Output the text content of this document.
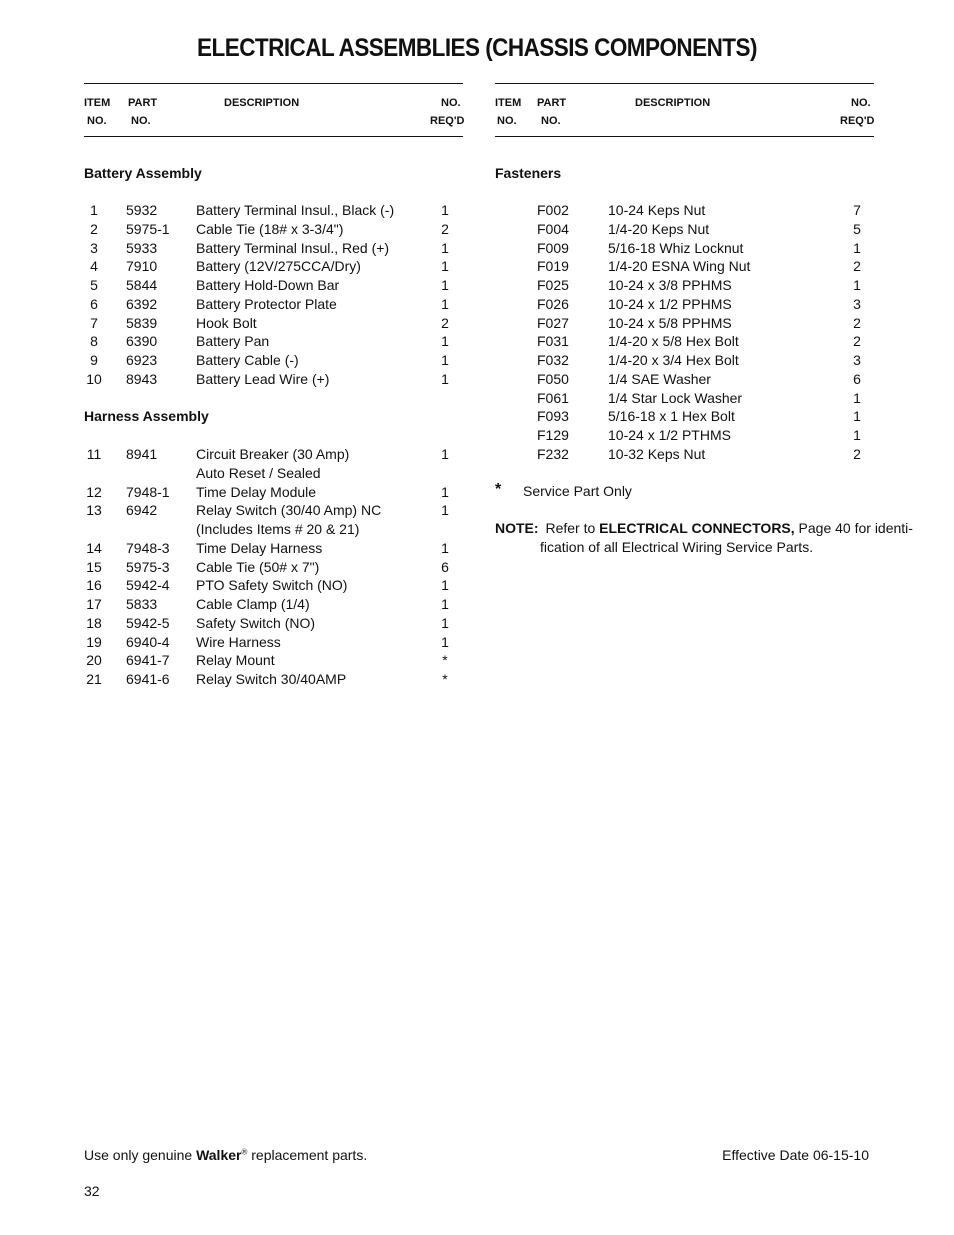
ELECTRICAL ASSEMBLIES (CHASSIS COMPONENTS)
ITEM
NO.
PART
NO.
DESCRIPTION	NO.
REQ'D
Battery Assembly
1	5932	Battery Terminal Insul., Black (-)	1
2	5975-1 Cable Tie (18# x 3-3/4")	2
3	5933	Battery Terminal Insul., Red (+)	1
4	7910	Battery (12V/275CCA/Dry)	1
5	5844	Battery Hold-Down Bar	1
6	6392	Battery Protector Plate	1
7	5839	Hook Bolt	2
8	6390	Battery Pan	1
9	6923	Battery Cable (-)	1
10 8943	Battery Lead Wire (+)	1
Harness Assembly
11 8941	Circuit Breaker (30 Amp)	1
Auto Reset / Sealed
12 7948-1 Time Delay Module	1
13 6942	Relay Switch (30/40 Amp) NC	1
(Includes Items # 20 & 21)
14 7948-3 Time Delay Harness	1
15 5975-3 Cable Tie (50# x 7")	6
16 5942-4 PTO Safety Switch (NO)	1
17 5833	Cable Clamp (1/4)	1
18 5942-5 Safety Switch (NO)	1
19 6940-4 Wire Harness	1
20 6941-7 Relay Mount	*
21 6941-6 Relay Switch 30/40AMP	*
ITEM
NO.
PART
NO.
DESCRIPTION	NO.
REQ'D
Fasteners
F002	10-24 Keps Nut	7
F004	1/4-20 Keps Nut	5
F009	5/16-18 Whiz Locknut	1
F019	1/4-20 ESNA Wing Nut	2
F025	10-24 x 3/8 PPHMS	1
F026	10-24 x 1/2 PPHMS	3
F027	10-24 x 5/8 PPHMS	2
F031	1/4-20 x 5/8 Hex Bolt	2
F032	1/4-20 x 3/4 Hex Bolt	3
F050	1/4 SAE Washer	6
F061	1/4 Star Lock Washer	1
F093	5/16-18 x 1 Hex Bolt	1
F129	10-24 x 1/2 PTHMS	1
F232	10-32 Keps Nut	2
* Service Part Only
NOTE: Refer to ELECTRICAL CONNECTORS, Page 40 for identi-
fication of all Electrical Wiring Service Parts.
Use only genuine Walker® replacement parts.	Effective Date 06-15-10
32
